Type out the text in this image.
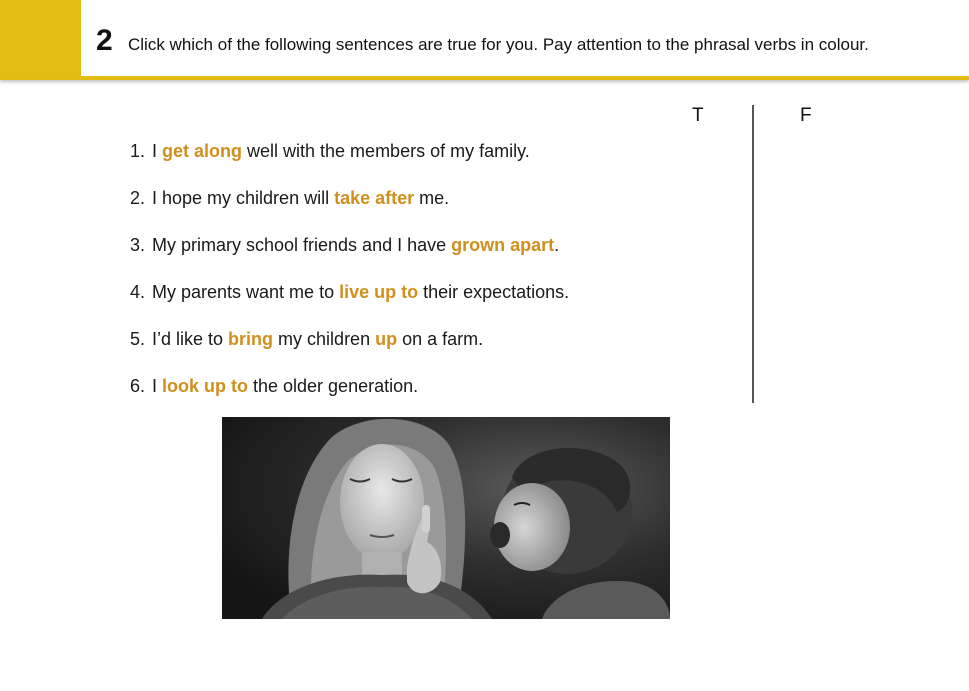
2 Click which of the following sentences are true for you. Pay attention to the phrasal verbs in colour.
T	F
1. I get along well with the members of my family.
2. I hope my children will take after me.
3. My primary school friends and I have grown apart.
4. My parents want me to live up to their expectations.
5. I’d like to bring my children up on a farm.
6. I look up to the older generation.
